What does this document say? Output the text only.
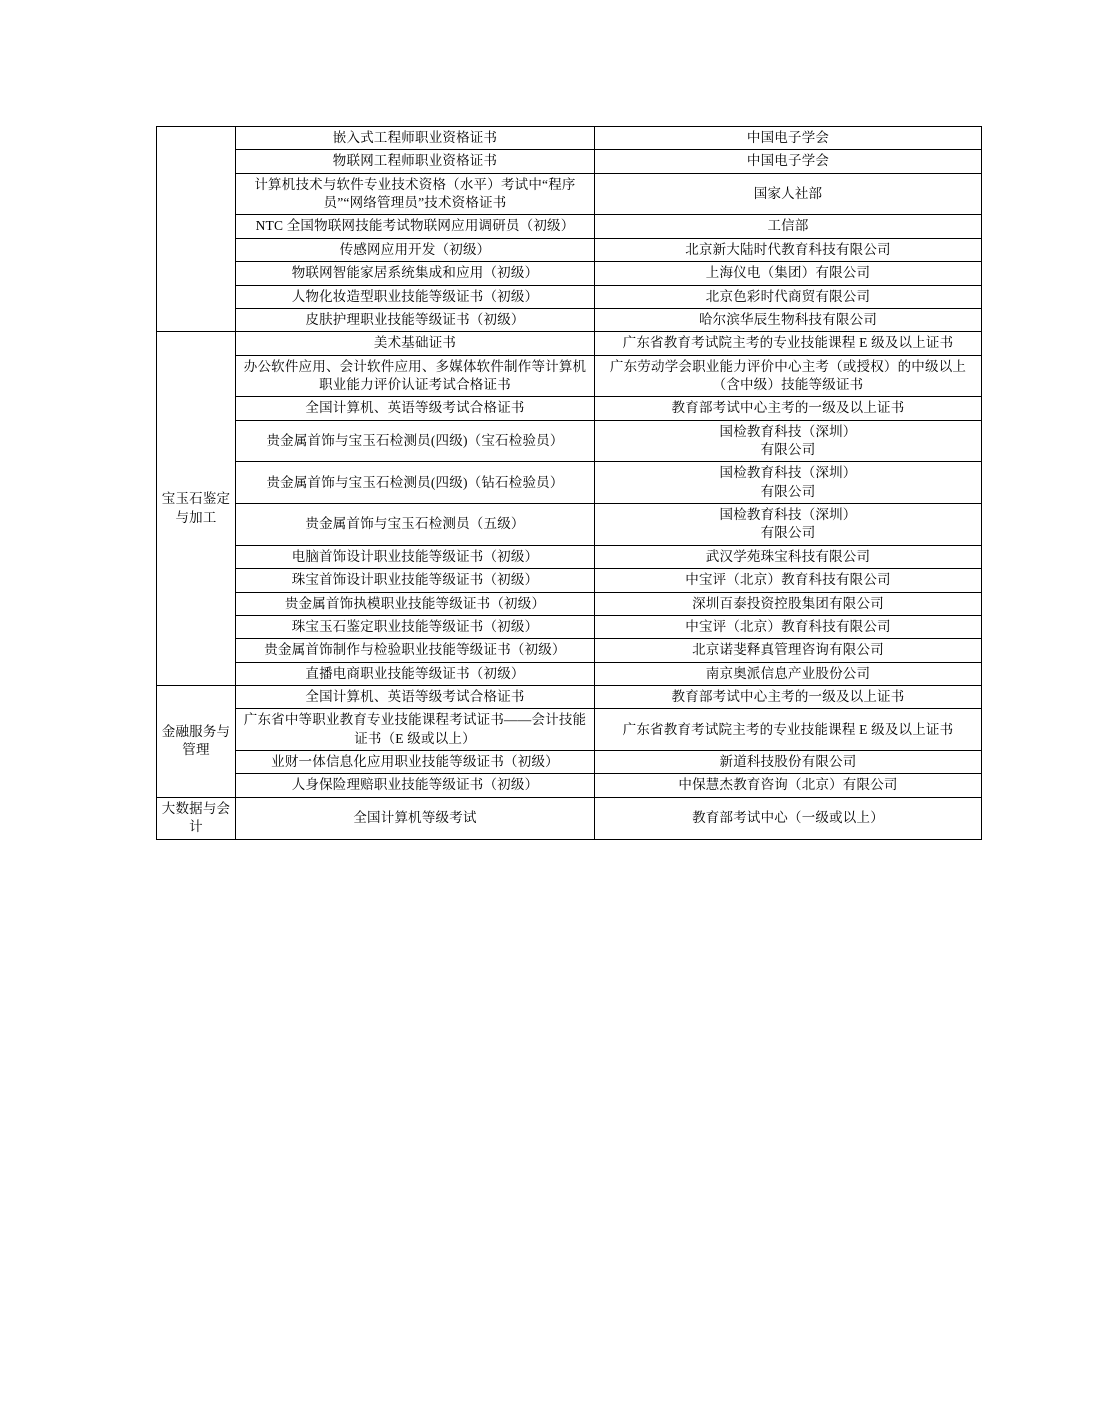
	嵌入式工程师职业资格证书	中国电子学会
	物联网工程师职业资格证书	中国电子学会
	计算机技术与软件专业技术资格（水平）考试中“程序员”“网络管理员”技术资格证书	国家人社部
	NTC 全国物联网技能考试物联网应用调研员（初级）	工信部
	传感网应用开发（初级）	北京新大陆时代教育科技有限公司
	物联网智能家居系统集成和应用（初级）	上海仪电（集团）有限公司
	人物化妆造型职业技能等级证书（初级）	北京色彩时代商贸有限公司
	皮肤护理职业技能等级证书（初级）	哈尔滨华辰生物科技有限公司
宝玉石鉴定与加工	美术基础证书	广东省教育考试院主考的专业技能课程 E 级及以上证书
	办公软件应用、会计软件应用、多媒体软件制作等计算机职业能力评价认证考试合格证书	广东劳动学会职业能力评价中心主考（或授权）的中级以上（含中级）技能等级证书
	全国计算机、英语等级考试合格证书	教育部考试中心主考的一级及以上证书
	贵金属首饰与宝玉石检测员(四级)（宝石检验员）	国检教育科技（深圳）
有限公司
	贵金属首饰与宝玉石检测员(四级)（钻石检验员）	国检教育科技（深圳）
有限公司
	贵金属首饰与宝玉石检测员（五级）	国检教育科技（深圳）
有限公司
	电脑首饰设计职业技能等级证书（初级）	武汉学苑珠宝科技有限公司
	珠宝首饰设计职业技能等级证书（初级）	中宝评（北京）教育科技有限公司
	贵金属首饰执模职业技能等级证书（初级）	深圳百泰投资控股集团有限公司
	珠宝玉石鉴定职业技能等级证书（初级）	中宝评（北京）教育科技有限公司
	贵金属首饰制作与检验职业技能等级证书（初级）	北京诺斐释真管理咨询有限公司
	直播电商职业技能等级证书（初级）	南京奥派信息产业股份公司
金融服务与管理	全国计算机、英语等级考试合格证书	教育部考试中心主考的一级及以上证书
	广东省中等职业教育专业技能课程考试证书——会计技能证书（E 级或以上）	广东省教育考试院主考的专业技能课程 E 级及以上证书
	业财一体信息化应用职业技能等级证书（初级）	新道科技股份有限公司
	人身保险理赔职业技能等级证书（初级）	中保慧杰教育咨询（北京）有限公司
大数据与会计	全国计算机等级考试	教育部考试中心（一级或以上）
